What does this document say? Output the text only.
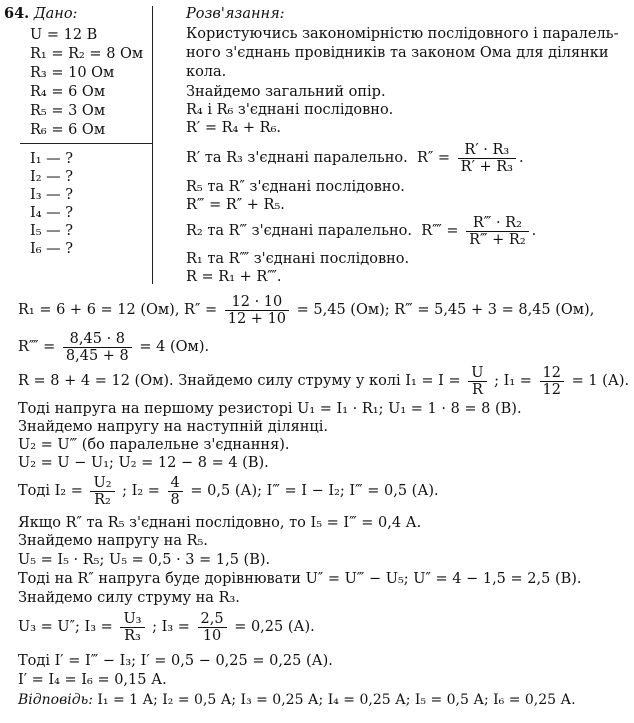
64. Дано:
U = 12 В
R₁ = R₂ = 8 Ом
R₃ = 10 Ом
R₄ = 6 Ом
R₅ = 3 Ом
R₆ = 6 Ом
I₁ — ?
I₂ — ?
I₃ — ?
I₄ — ?
I₅ — ?
I₆ — ?
Розв'язання:
Користуючись закономірністю послідовного і паралель-
ного з'єднань провідників та законом Ома для ділянки
кола.
Знайдемо загальний опір.
R₄ і R₆ з'єднані послідовно.
R′ = R₄ + R₆.
R′ та R₃ з'єднані паралельно. $R'' = \frac{\text{R′ · R₃}}{\text{R′ + R₃}}$ .
R₅ та R″ з'єднані послідовно.
R‴ = R″ + R₅.
R₂ та R‴ з'єднані паралельно. R⁗ = $\frac{\text{R‴ · R₂}}{\text{R‴ + R₂}}$ .
R₁ та R⁗ з'єднані послідовно.
R = R₁ + R⁗.
R₁ = 6 + 6 = 12 (Ом), $R'' = \frac{12 \cdot 10}{12 + 10} = 5,45$ (Ом); R‴ = 5,45 + 3 = 8,45 (Ом),
R⁗ = $\frac{8,45 \cdot 8}{8,45 + 8} = 4$ (Ом).
R = 8 + 4 = 12 (Ом). Знайдемо силу струму у колі $I_1 = I = \frac{U}{R}$ ; $I_1 = \frac{12}{12} = 1$ (А).
Тоді напруга на першому резисторі U₁ = I₁ · R₁; U₁ = 1 · 8 = 8 (В).
Знайдемо напругу на наступній ділянці.
U₂ = U‴ (бо паралельне з'єднання).
U₂ = U − U₁; U₂ = 12 − 8 = 4 (В).
Тоді $I_2 = \frac{\text{U₂}}{\text{R₂}}$ ; $I_2 = \frac{4}{8} = 0,5$ (А); I‴ = I − I₂; I‴ = 0,5 (А).
Якщо R″ та R₅ з'єднані послідовно, то I₅ = I‴ = 0,4 А.
Знайдемо напругу на R₅.
U₅ = I₅ · R₅; U₅ = 0,5 · 3 = 1,5 (В).
Тоді на R″ напруга буде дорівнювати U″ = U‴ − U₅; U″ = 4 − 1,5 = 2,5 (В).
Знайдемо силу струму на R₃.
U₃ = U″; $I_3 = \frac{\text{U₃}}{\text{R₃}}$ ; $I_3 = \frac{2,5}{10} = 0,25$ (А).
Тоді I′ = I‴ − I₃; I′ = 0,5 − 0,25 = 0,25 (А).
I′ = I₄ = I₆ = 0,15 А.
Відповідь: I₁ = 1 А; I₂ = 0,5 А; I₃ = 0,25 А; I₄ = 0,25 А; I₅ = 0,5 А; I₆ = 0,25 А.
